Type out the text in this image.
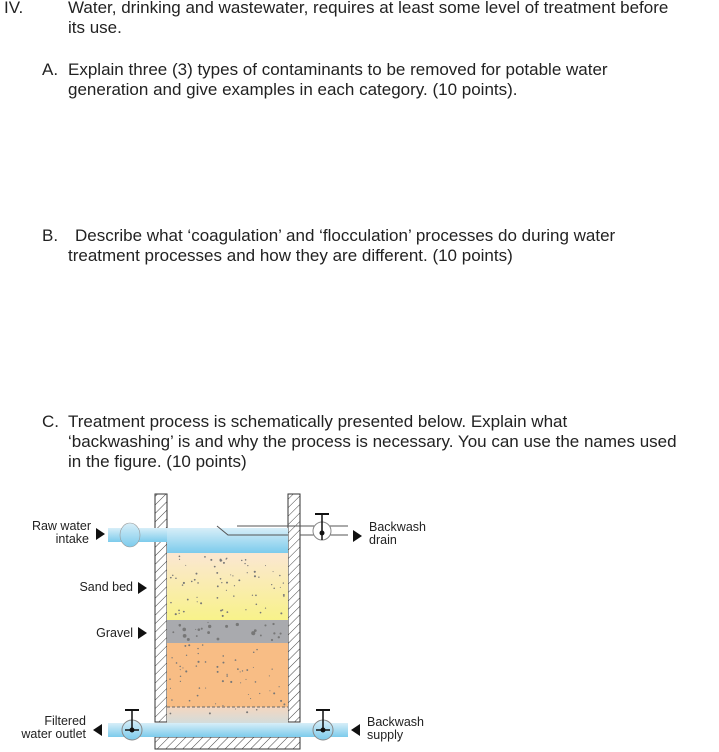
IV.	Water, drinking and wastewater, requires at least some level of treatment before
its use.
A. Explain three (3) types of contaminants to be removed for potable water
generation and give examples in each category. (10 points).
B. Describe what ‘coagulation’ and ‘flocculation’ processes do during water
treatment processes and how they are different. (10 points)
C. Treatment process is schematically presented below. Explain what
‘backwashing’ is and why the process is necessary. You can use the names used
in the figure. (10 points)
Raw water
intake
Sand bed
Gravel
Filtered
water outlet
Backwash
drain
Backwash
supply
